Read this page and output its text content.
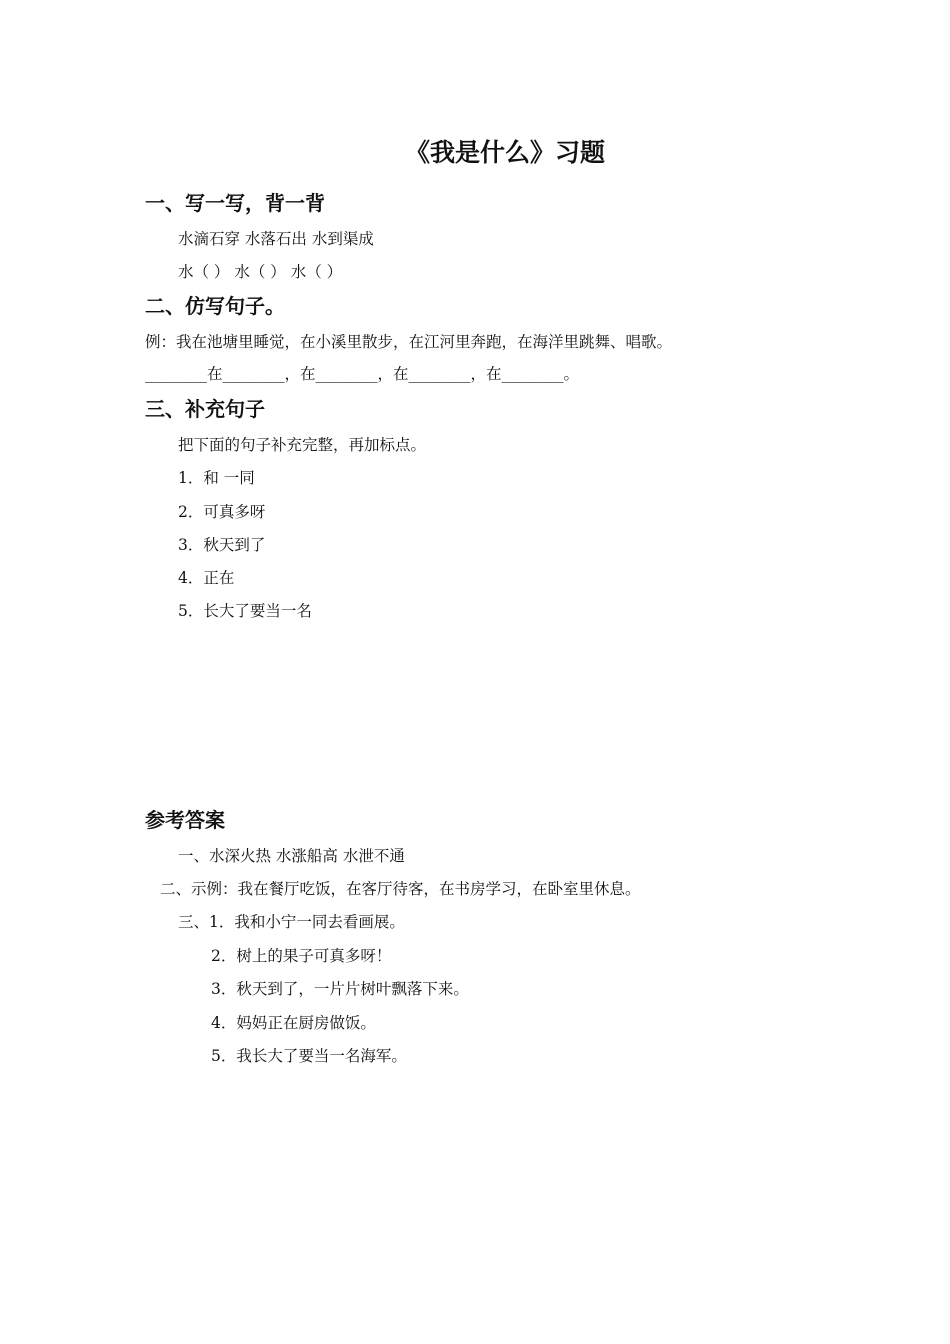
《我是什么》习题
一、写一写，背一背
水滴石穿 水落石出 水到渠成
水（ ） 水（ ） 水（ ）
二、仿写句子。
例：我在池塘里睡觉，在小溪里散步，在江河里奔跑，在海洋里跳舞、唱歌。
________在________，在________，在________，在________。
三、补充句子
把下面的句子补充完整，再加标点。
1．和 一同
2．可真多呀
3．秋天到了
4．正在
5．长大了要当一名
参考答案
一、水深火热 水涨船高 水泄不通
二、示例：我在餐厅吃饭，在客厅待客，在书房学习，在卧室里休息。
三、1．我和小宁一同去看画展。
2．树上的果子可真多呀！
3．秋天到了，一片片树叶飘落下来。
4．妈妈正在厨房做饭。
5．我长大了要当一名海军。
